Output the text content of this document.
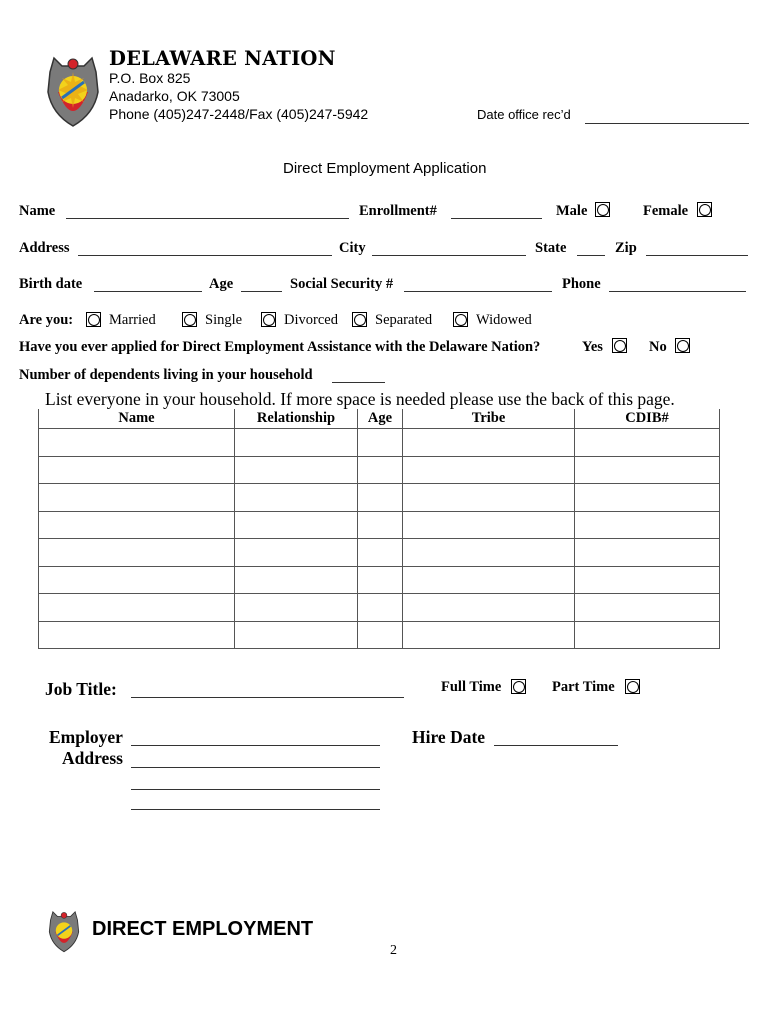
DELAWARE NATION
P.O. Box 825
Anadarko, OK 73005
Phone (405)247-2448/Fax (405)247-5942	Date office rec’d
Direct Employment Application
Name	Enrollment#	Male	Female
Address	City	State	Zip
Birth date	Age	Social Security #	Phone
Are you: Married	Single	Divorced	Separated	Widowed
Have you ever applied for Direct Employment Assistance with the Delaware Nation?	Yes	No
Number of dependents living in your household
List everyone in your household. If more space is needed please use the back of this page.
Name	Relationship	Age	Tribe	CDIB#

Job Title:	Full Time	Part Time
Employer
Address
Hire Date
DIRECT EMPLOYMENT
2
